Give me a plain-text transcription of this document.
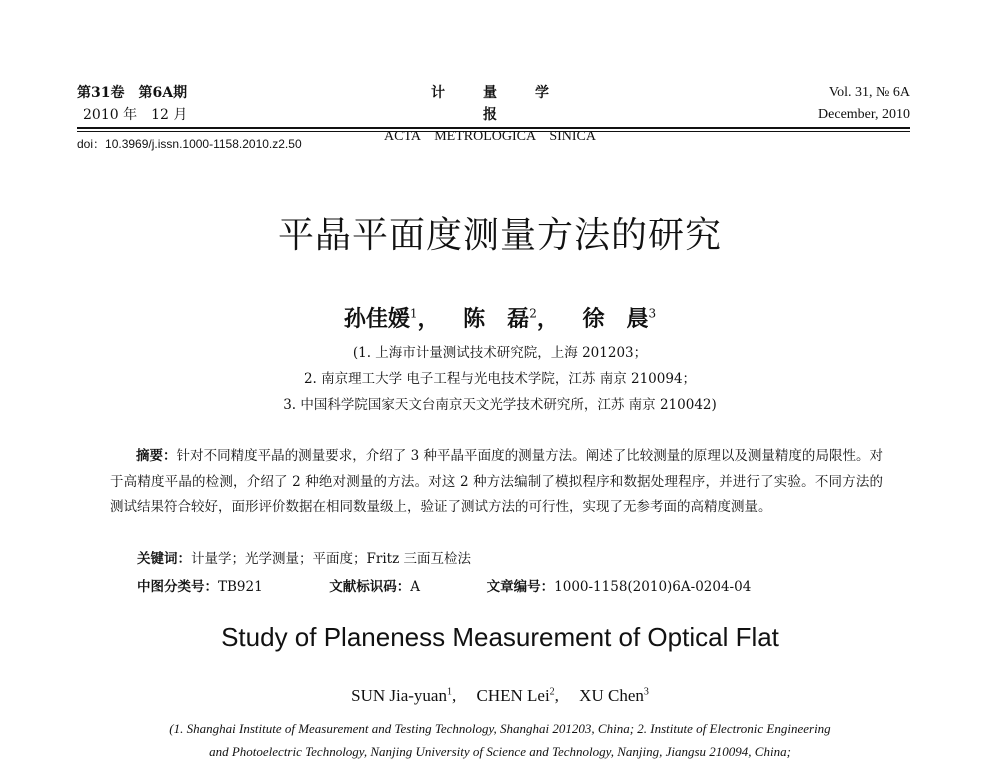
第31卷　第6A期
2010 年　12 月
计量学报
ACTA　METROLOGICA　SINICA
Vol. 31, № 6A
December, 2010
doi：10.3969/j.issn.1000-1158.2010.z2.50
平晶平面度测量方法的研究
孙佳媛$^1$， 陈　磊$^2$， 徐　晨$^3$
(1. 上海市计量测试技术研究院，上海 201203；
2. 南京理工大学 电子工程与光电技术学院，江苏 南京 210094；
3. 中国科学院国家天文台南京天文光学技术研究所，江苏 南京 210042)
摘要：针对不同精度平晶的测量要求，介绍了 3 种平晶平面度的测量方法。阐述了比较测量的原理以及测量精度的局限性。对于高精度平晶的检测，介绍了 2 种绝对测量的方法。对这 2 种方法编制了模拟程序和数据处理程序，并进行了实验。不同方法的测试结果符合较好，面形评价数据在相同数量级上，验证了测试方法的可行性，实现了无参考面的高精度测量。
关键词：计量学；光学测量；平面度；Fritz 三面互检法
中图分类号：TB921	文献标识码：A	文章编号：1000-1158(2010)6A-0204-04
Study of Planeness Measurement of Optical Flat
SUN Jia-yuan$^1$, CHEN Lei$^2$, XU Chen$^3$
(1. Shanghai Institute of Measurement and Testing Technology, Shanghai 201203, China; 2. Institute of Electronic Engineering
and Photoelectric Technology, Nanjing University of Science and Technology, Nanjing, Jiangsu 210094, China;
